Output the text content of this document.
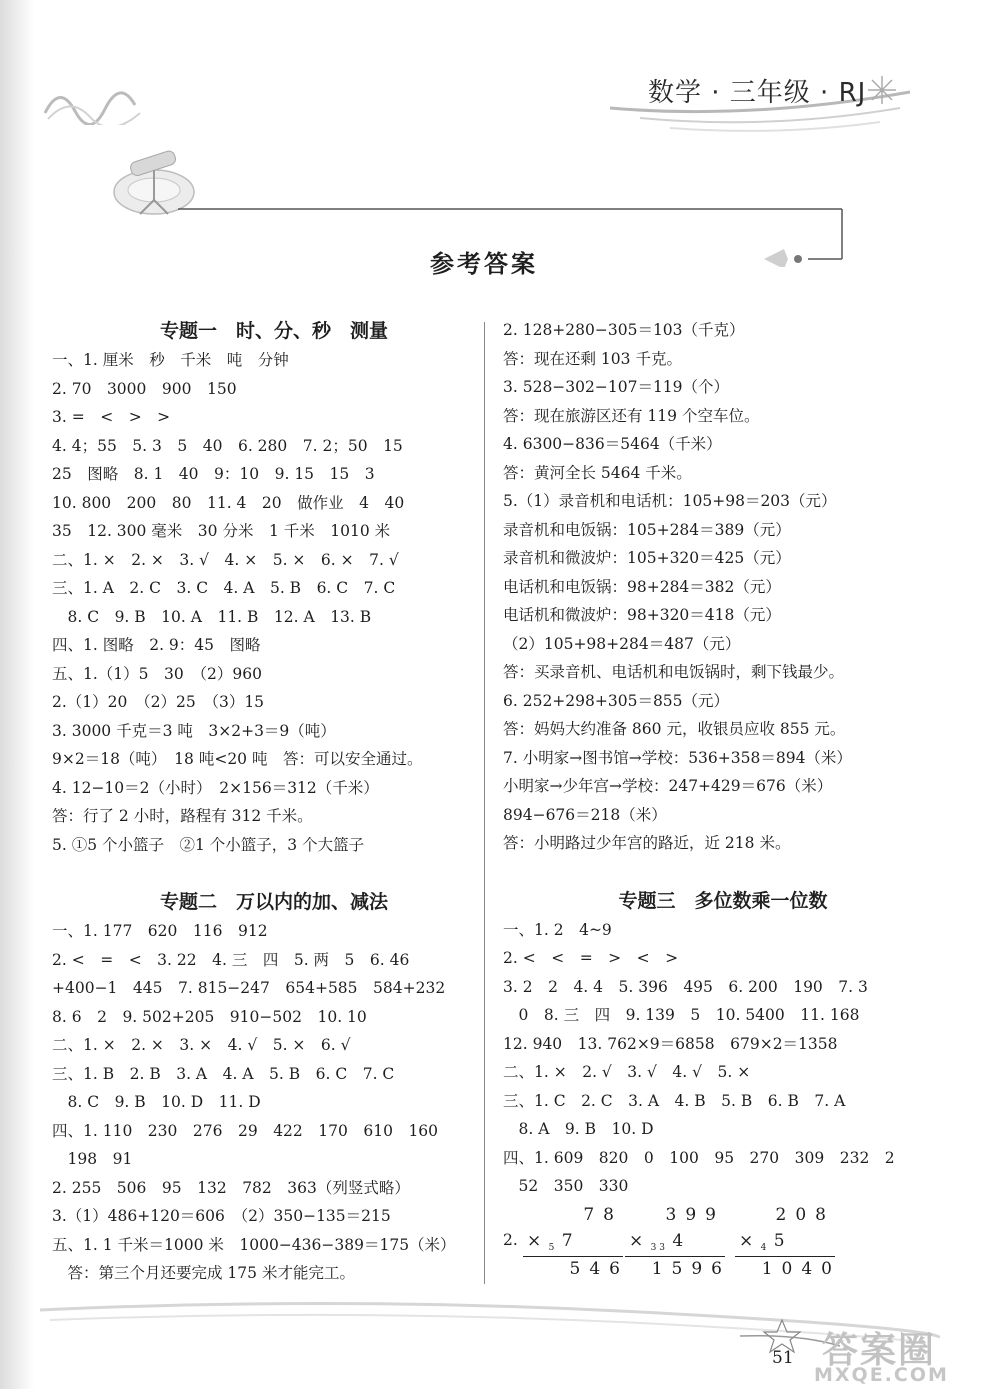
数学 · 三年级 · RJ
参考答案
专题一　时、分、秒　测量
一、1. 厘米　秒　千米　吨　分钟
2. 70　3000　900　150
3. =　<　>　>
4. 4；55　5. 3　5　40　6. 280　7. 2；50　15
25　图略　8. 1　40　9：10　9. 15　15　3
10. 800　200　80　11. 4　20　做作业　4　40
35　12. 300 毫米　30 分米　1 千米　1010 米
二、1. ×　2. ×　3. √　4. ×　5. ×　6. ×　7. √
三、1. A　2. C　3. C　4. A　5. B　6. C　7. C
　8. C　9. B　10. A　11. B　12. A　13. B
四、1. 图略　2. 9：45　图略
五、1.（1）5　30　（2）960
2.（1）20　（2）25　（3）15
3. 3000 千克＝3 吨　3×2+3＝9（吨）
9×2＝18（吨）　18 吨<20 吨　答：可以安全通过。
4. 12−10＝2（小时）　2×156＝312（千米）
答：行了 2 小时，路程有 312 千米。
5. ①5 个小篮子　②1 个小篮子，3 个大篮子
专题二　万以内的加、减法
一、1. 177　620　116　912
2. <　=　<　3. 22　4. 三　四　5. 两　5　6. 46
+400−1　445　7. 815−247　654+585　584+232
8. 6　2　9. 502+205　910−502　10. 10
二、1. ×　2. ×　3. ×　4. √　5. ×　6. √
三、1. B　2. B　3. A　4. A　5. B　6. C　7. C
　8. C　9. B　10. D　11. D
四、1. 110　230　276　29　422　170　610　160
　198　91
2. 255　506　95　132　782　363（列竖式略）
3.（1）486+120＝606　（2）350−135＝215
五、1. 1 千米＝1000 米　1000−436−389＝175（米）
　答：第三个月还要完成 175 米才能完工。
2. 128+280−305＝103（千克）
答：现在还剩 103 千克。
3. 528−302−107＝119（个）
答：现在旅游区还有 119 个空车位。
4. 6300−836＝5464（千米）
答：黄河全长 5464 千米。
5.（1）录音机和电话机：105+98＝203（元）
录音机和电饭锅：105+284＝389（元）
录音机和微波炉：105+320＝425（元）
电话机和电饭锅：98+284＝382（元）
电话机和微波炉：98+320＝418（元）
（2）105+98+284＝487（元）
答：买录音机、电话机和电饭锅时，剩下钱最少。
6. 252+298+305＝855（元）
答：妈妈大约准备 860 元，收银员应收 855 元。
7. 小明家→图书馆→学校：536+358＝894（米）
小明家→少年宫→学校：247+429＝676（米）
894−676＝218（米）
答：小明路过少年宫的路近，近 218 米。
专题三　多位数乘一位数
一、1. 2　4~9
2. <　<　=　>　<　>
3. 2　2　4. 4　5. 396　495　6. 200　190　7. 3
　0　8. 三　四　9. 139　5　10. 5400　11. 168
12. 940　13. 762×9＝6858　679×2＝1358
二、1. ×　2. √　3. √　4. √　5. ×
三、1. C　2. C　3. A　4. B　5. B　6. B　7. A
　8. A　9. B　10. D
四、1. 609　820　0　100　95　270　309　232　2
　52　350　330
2.
78
× $_5$ 7
546
399
× $_{3 3}$ 4
1596
208
× $_4$ 5
1040
51 答案圈
MXQE.COM
